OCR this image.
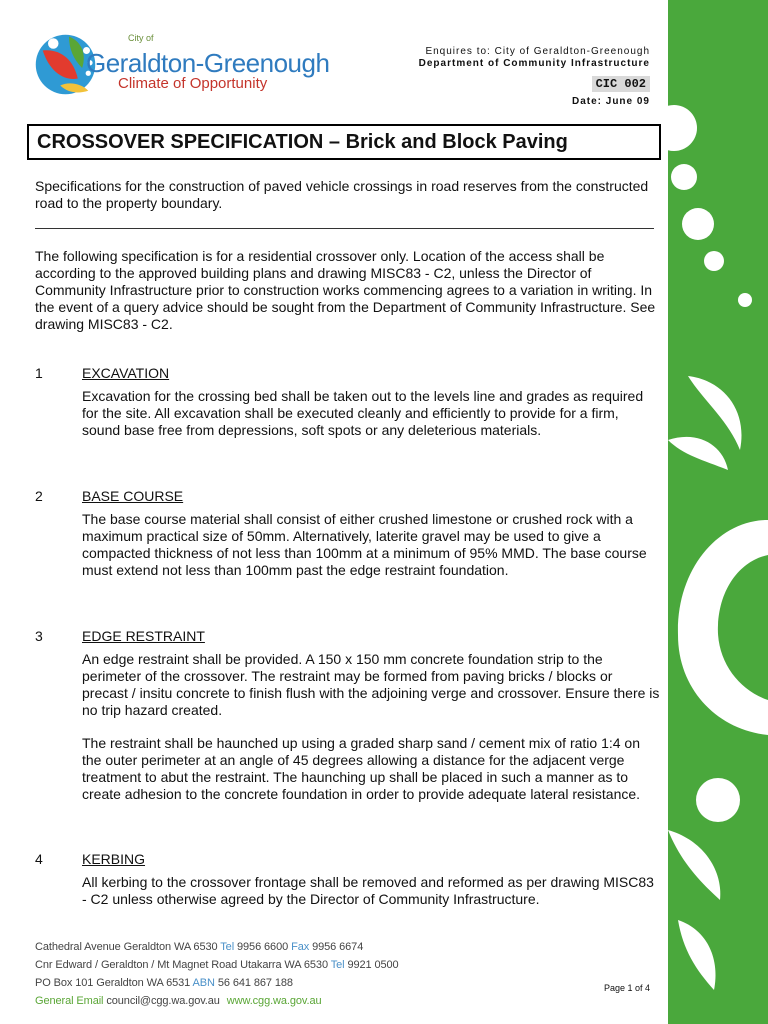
City of
Geraldton-Greenough
Climate of Opportunity
Enquires to: City of Geraldton-Greenough
Department of Community Infrastructure
CIC 002
Date: June 09
CROSSOVER SPECIFICATION – Brick and Block Paving

Specifications for the construction of paved vehicle crossings in road reserves from the constructed road to the property boundary.

The following specification is for a residential crossover only. Location of the access shall be according to the approved building plans and drawing MISC83 - C2, unless the Director of Community Infrastructure prior to construction works commencing agrees to a variation in writing. In the event of a query advice should be sought from the Department of Community Infrastructure. See drawing MISC83 - C2.

1	EXCAVATION

Excavation for the crossing bed shall be taken out to the levels line and grades as required for the site. All excavation shall be executed cleanly and efficiently to provide for a firm, sound base free from depressions, soft spots or any deleterious materials.

2	BASE COURSE

The base course material shall consist of either crushed limestone or crushed rock with a maximum practical size of 50mm. Alternatively, laterite gravel may be used to give a compacted thickness of not less than 100mm at a minimum of 95% MMD. The base course must extend not less than 100mm past the edge restraint foundation.

3	EDGE RESTRAINT

An edge restraint shall be provided. A 150 x 150 mm concrete foundation strip to the perimeter of the crossover. The restraint may be formed from paving bricks / blocks or precast / insitu concrete to finish flush with the adjoining verge and crossover. Ensure there is no trip hazard created.

The restraint shall be haunched up using a graded sharp sand / cement mix of ratio 1:4 on the outer perimeter at an angle of 45 degrees allowing a distance for the adjacent verge treatment to abut the restraint. The haunching up shall be placed in such a manner as to create adhesion to the concrete foundation in order to provide adequate lateral resistance.

4	KERBING

All kerbing to the crossover frontage shall be removed and reformed as per drawing MISC83 - C2 unless otherwise agreed by the Director of Community Infrastructure.

Cathedral Avenue Geraldton WA 6530 Tel 9956 6600 Fax 9956 6674
Cnr Edward / Geraldton / Mt Magnet Road Utakarra WA 6530 Tel 9921 0500
PO Box 101 Geraldton WA 6531 ABN 56 641 867 188
General Email council@cgg.wa.gov.au www.cgg.wa.gov.au
Page 1 of 4
